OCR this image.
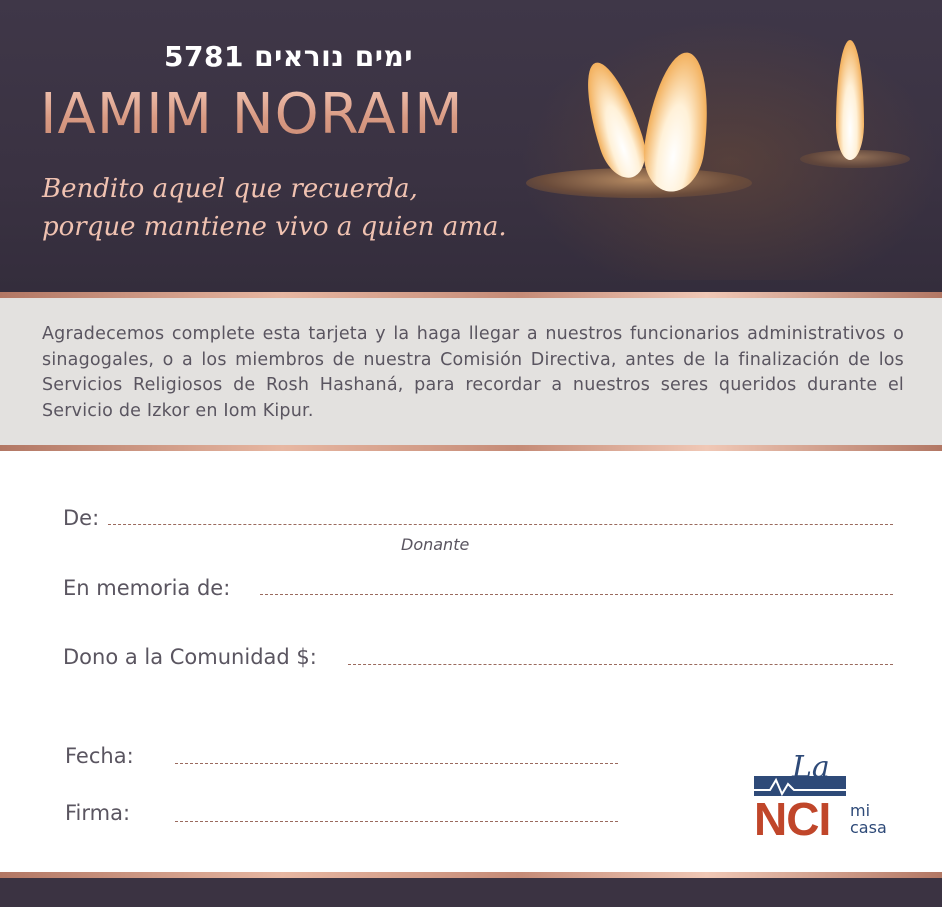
ימים נוראים 5781
IAMIM NORAIM
Bendito aquel que recuerda,
porque mantiene vivo a quien ama.

Agradecemos complete esta tarjeta y la haga llegar a nuestros funcionarios administrativos o sinagogales, o a los miembros de nuestra Comisión Directiva, antes de la finalización de los Servicios Religiosos de Rosh Hashaná, para recordar a nuestros seres queridos durante el Servicio de Izkor en Iom Kipur.

De:
Donante
En memoria de:
Dono a la Comunidad $:
Fecha:
Firma:
La
NCI mi
casa
